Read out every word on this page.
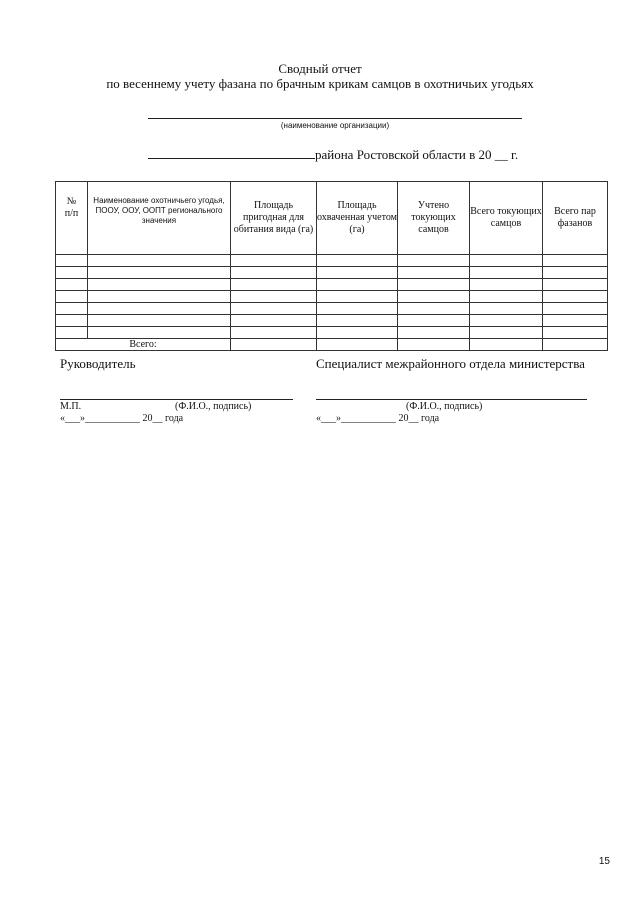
Сводный отчет
по весеннему учету фазана по брачным крикам самцов в охотничьих угодьях
(наименование организации)
района Ростовской области в 20 __ г.
№
п/п	Наименование охотничьего угодья, ПООУ, ООУ, ООПТ регионального значения	Площадь пригодная для обитания вида (га)	Площадь охваченная учетом (га)	Учтено токующих самцов	Всего токующих самцов	Всего пар фазанов

Всего:						
Руководитель	Специалист межрайонного отдела министерства
М.П.	(Ф.И.О., подпись)	(Ф.И.О., подпись)
«___»___________ 20__ года	«___»___________ 20__ года
15
